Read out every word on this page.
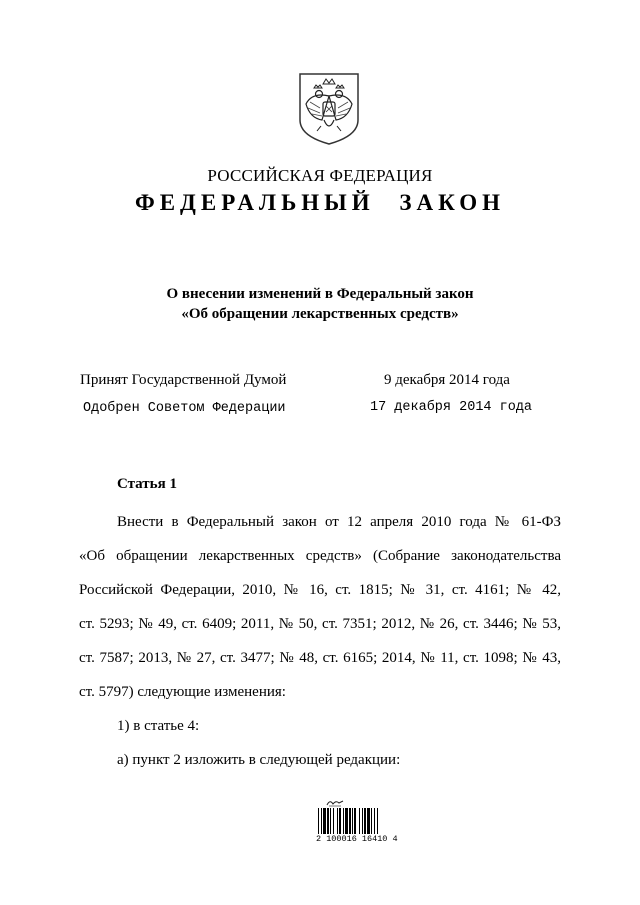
РОССИЙСКАЯ ФЕДЕРАЦИЯ
ФЕДЕРАЛЬНЫЙ ЗАКОН
О внесении изменений в Федеральный закон
«Об обращении лекарственных средств»
Принят Государственной Думой	9 декабря 2014 года
Одобрен Советом Федерации	17 декабря 2014 года
Статья 1

Внести в Федеральный закон от 12 апреля 2010 года № 61-ФЗ

«Об обращении лекарственных средств» (Собрание законодательства

Российской Федерации, 2010, № 16, ст. 1815; № 31, ст. 4161; № 42,

ст. 5293; № 49, ст. 6409; 2011, № 50, ст. 7351; 2012, № 26, ст. 3446; № 53,

ст. 7587; 2013, № 27, ст. 3477; № 48, ст. 6165; 2014, № 11, ст. 1098; № 43,

ст. 5797) следующие изменения:

1) в статье 4:

а) пункт 2 изложить в следующей редакции:

2 100016 16410 4
